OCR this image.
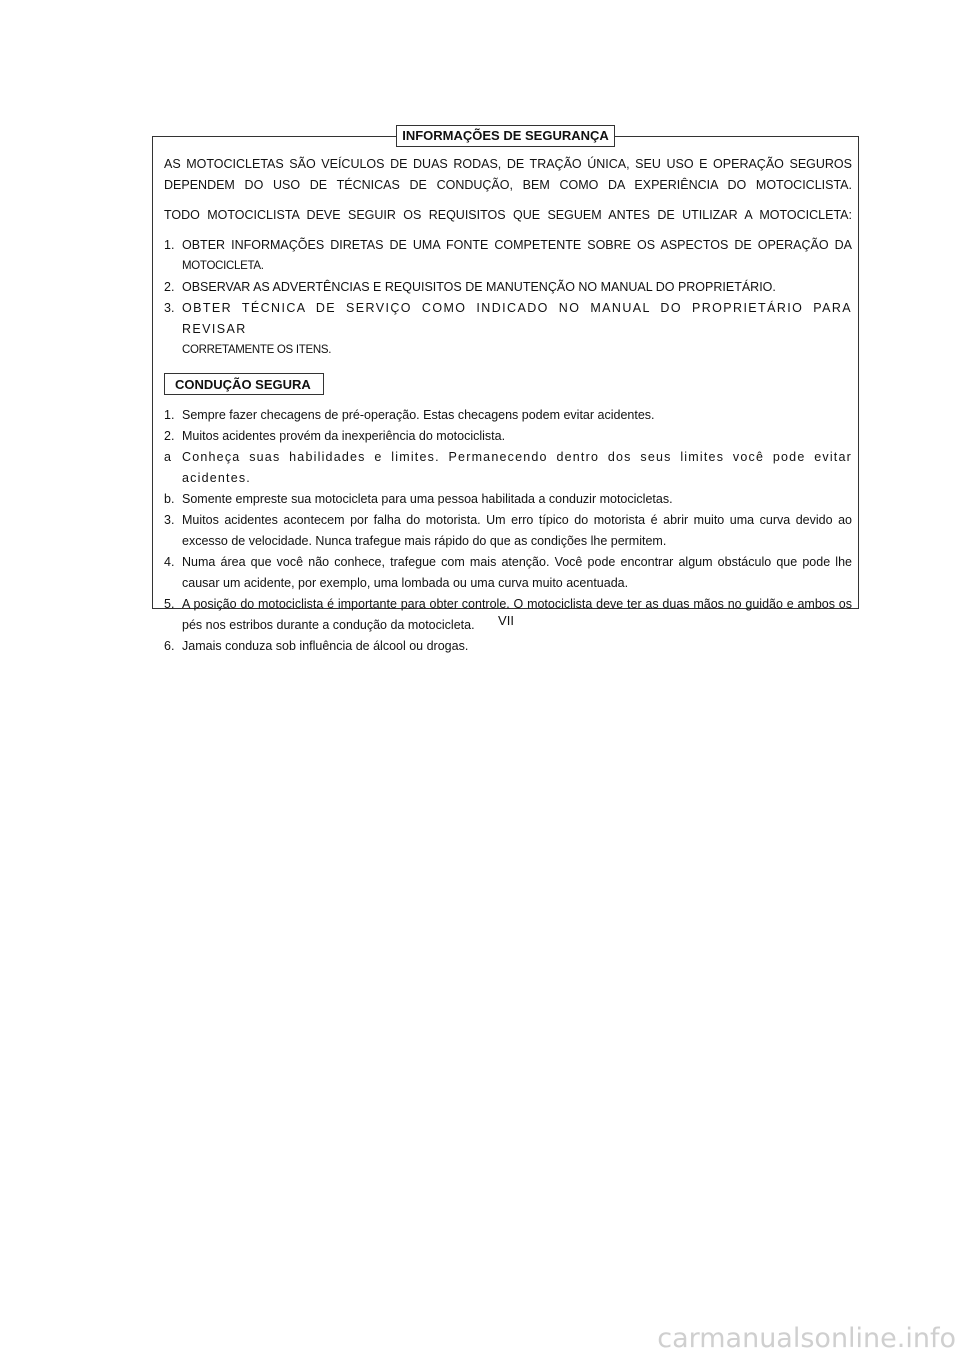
INFORMAÇÕES DE SEGURANÇA

AS MOTOCICLETAS SÃO VEÍCULOS DE DUAS RODAS, DE TRAÇÃO ÚNICA, SEU USO E OPERAÇÃO SEGUROS

DEPENDEM DO USO DE TÉCNICAS DE CONDUÇÃO, BEM COMO DA EXPERIÊNCIA DO MOTOCICLISTA.

TODO MOTOCICLISTA DEVE SEGUIR OS REQUISITOS QUE SEGUEM ANTES DE UTILIZAR A MOTOCICLETA:

1. OBTER INFORMAÇÕES DIRETAS DE UMA FONTE COMPETENTE SOBRE OS ASPECTOS DE OPERAÇÃO DA
MOTOCICLETA.
2. OBSERVAR AS ADVERTÊNCIAS E REQUISITOS DE MANUTENÇÃO NO MANUAL DO PROPRIETÁRIO.
3. OBTER TÉCNICA DE SERVIÇO COMO INDICADO NO MANUAL DO PROPRIETÁRIO PARA REVISAR
CORRETAMENTE OS ITENS.
CONDUÇÃO SEGURA
1. Sempre fazer checagens de pré-operação. Estas checagens podem evitar acidentes.
2. Muitos acidentes provém da inexperiência do motociclista.
a Conheça suas habilidades e limites. Permanecendo dentro dos seus limites você pode evitar acidentes.
b. Somente empreste sua motocicleta para uma pessoa habilitada a conduzir motocicletas.
3. Muitos acidentes acontecem por falha do motorista. Um erro típico do motorista é abrir muito uma curva devido ao excesso de velocidade. Nunca trafegue mais rápido do que as condições lhe permitem.
4. Numa área que você não conhece, trafegue com mais atenção. Você pode encontrar algum obstáculo que pode lhe causar um acidente, por exemplo, uma lombada ou uma curva muito acentuada.
5. A posição do motociclista é importante para obter controle. O motociclista deve ter as duas mãos no guidão e ambos os pés nos estribos durante a condução da motocicleta.
6. Jamais conduza sob influência de álcool ou drogas.
VII
carmanualsonline.info
